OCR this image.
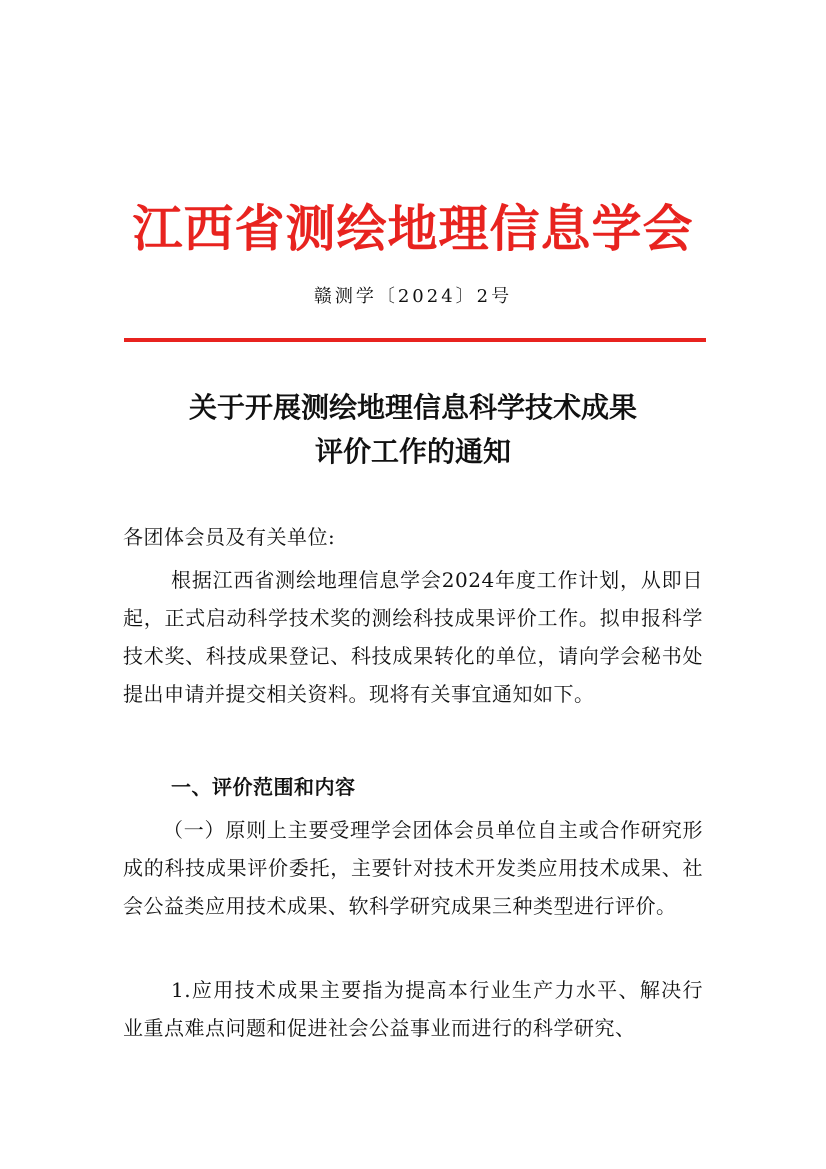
江西省测绘地理信息学会
赣测学〔2024〕2号
关于开展测绘地理信息科学技术成果
评价工作的通知

各团体会员及有关单位:

根据江西省测绘地理信息学会2024年度工作计划，从即日起，正式启动科学技术奖的测绘科技成果评价工作。拟申报科学技术奖、科技成果登记、科技成果转化的单位，请向学会秘书处提出申请并提交相关资料。现将有关事宜通知如下。

一、评价范围和内容

（一）原则上主要受理学会团体会员单位自主或合作研究形成的科技成果评价委托，主要针对技术开发类应用技术成果、社会公益类应用技术成果、软科学研究成果三种类型进行评价。

1.应用技术成果主要指为提高本行业生产力水平、解决行业重点难点问题和促进社会公益事业而进行的科学研究、
